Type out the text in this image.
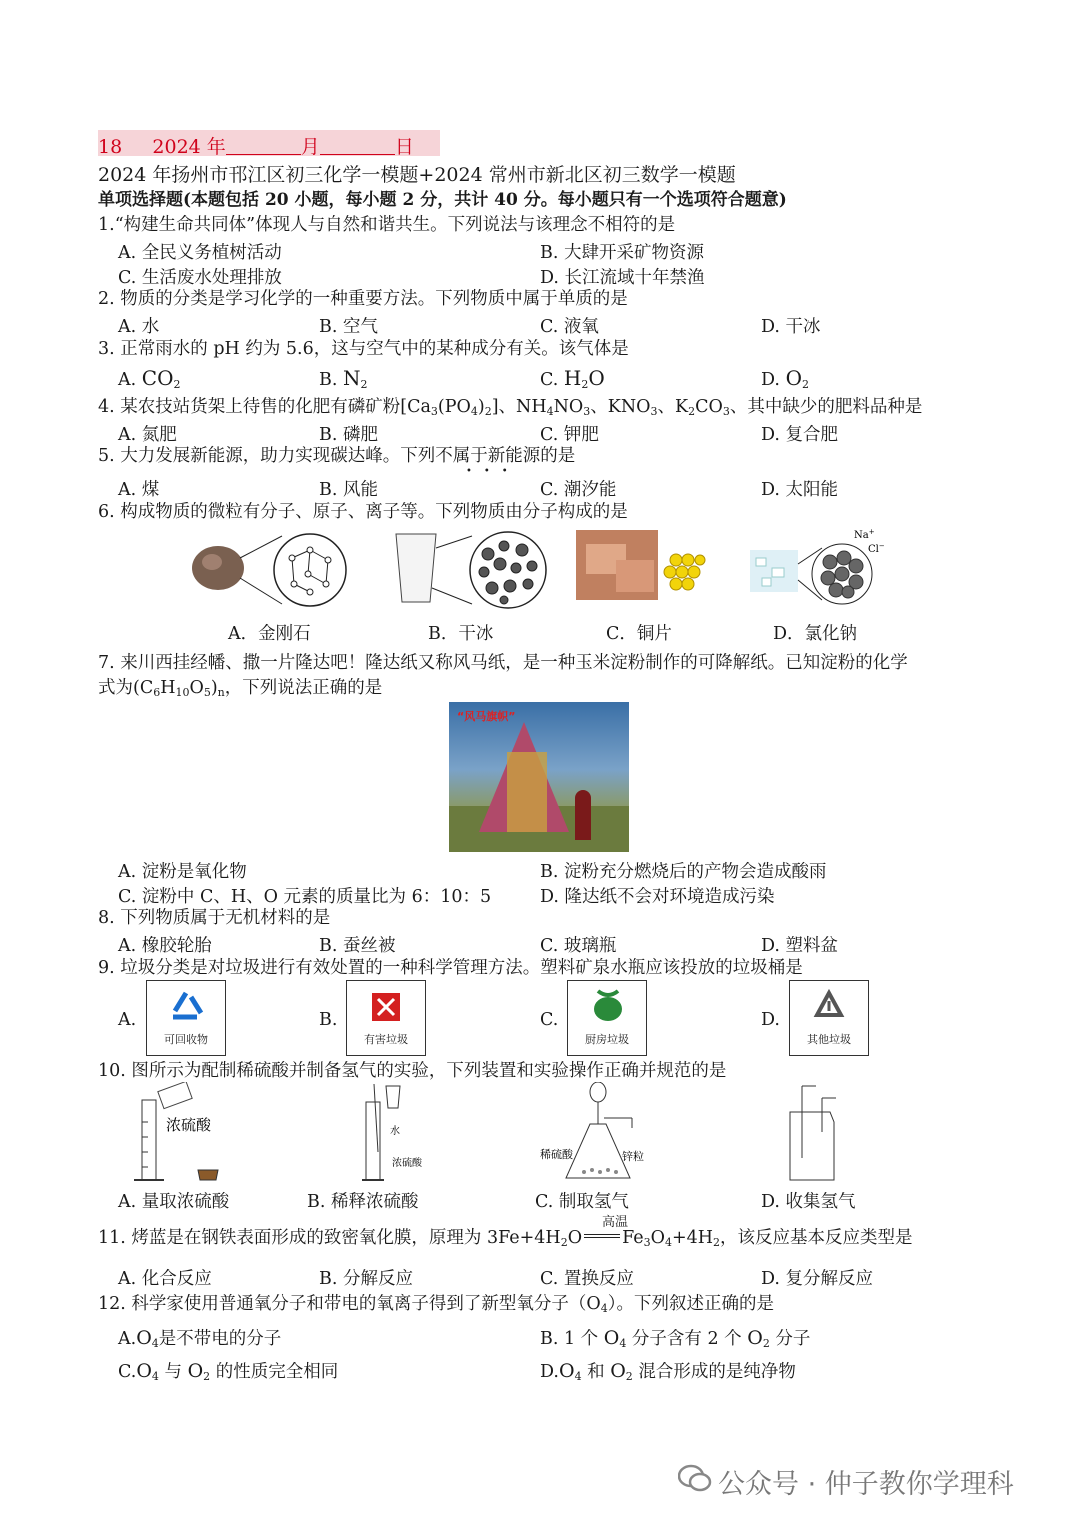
18 2024 年	月	日
2024 年扬州市邗江区初三化学一模题+2024 常州市新北区初三数学一模题
单项选择题(本题包括 20 小题，每小题 2 分，共计 40 分。每小题只有一个选项符合题意)
1.“构建生命共同体”体现人与自然和谐共生。下列说法与该理念不相符的是
A. 全民义务植树活动	B. 大肆开采矿物资源
C. 生活废水处理排放	D. 长江流域十年禁渔
2. 物质的分类是学习化学的一种重要方法。下列物质中属于单质的是
A. 水	B. 空气	C. 液氧	D. 干冰
3. 正常雨水的 pH 约为 5.6，这与空气中的某种成分有关。该气体是
A. $CO_2$	B. $N_2$	C. $H_2O$	D. $O_2$
4. 某农技站货架上待售的化肥有磷矿粉$[Ca_3(PO_4)_2]$、$NH_4NO_3$、$KNO_3$、$K_2CO_3$、其中缺少的肥料品种是
A. 氮肥	B. 磷肥	C. 钾肥	D. 复合肥
5. 大力发展新能源，助力实现碳达峰。下列不属于新能源的是
•••
A. 煤	B. 风能	C. 潮汐能	D. 太阳能
6. 构成物质的微粒有分子、原子、离子等。下列物质由分子构成的是
Na+
Cl−
A．金刚石	B．干冰	C．铜片	D．氯化钠
7. 来川西挂经幡、撒一片隆达吧！隆达纸又称风马纸，是一种玉米淀粉制作的可降解纸。已知淀粉的化学
式为$(C_6H_{10}O_5)_n$，下列说法正确的是
“风马旗帜”
A. 淀粉是氧化物	B. 淀粉充分燃烧后的产物会造成酸雨
C. 淀粉中 C、H、O 元素的质量比为 6：10：5	D. 隆达纸不会对环境造成污染
8. 下列物质属于无机材料的是
A. 橡胶轮胎	B. 蚕丝被	C. 玻璃瓶	D. 塑料盆
9. 垃圾分类是对垃圾进行有效处置的一种科学管理方法。塑料矿泉水瓶应该投放的垃圾桶是
A.
可回收物
B.
有害垃圾
C.
厨房垃圾
D.
其他垃圾
10. 图所示为配制稀硫酸并制备氢气的实验，下列装置和实验操作正确并规范的是
浓硫酸	水
浓硫酸
稀硫酸	锌粒
A. 量取浓硫酸	B. 稀释浓硫酸	C. 制取氢气	D. 收集氢气
高温
11. 烤蓝是在钢铁表面形成的致密氧化膜，原理为 $3Fe+4H_2O$ $Fe_3O_4+4H_2$，该反应基本反应类型是
A. 化合反应	B. 分解反应	C. 置换反应	D. 复分解反应
12. 科学家使用普通氧分子和带电的氧离子得到了新型氧分子$(O_4)$。下列叙述正确的是
$A.O_4$是不带电的分子	B. 1 个 $O_4$ 分子含有 2 个 $O_2$ 分子
$C.O_4$ 与 $O_2$ 的性质完全相同	$D.O_4$ 和 $O_2$ 混合形成的是纯净物
公众号 · 仲子教你学理科
